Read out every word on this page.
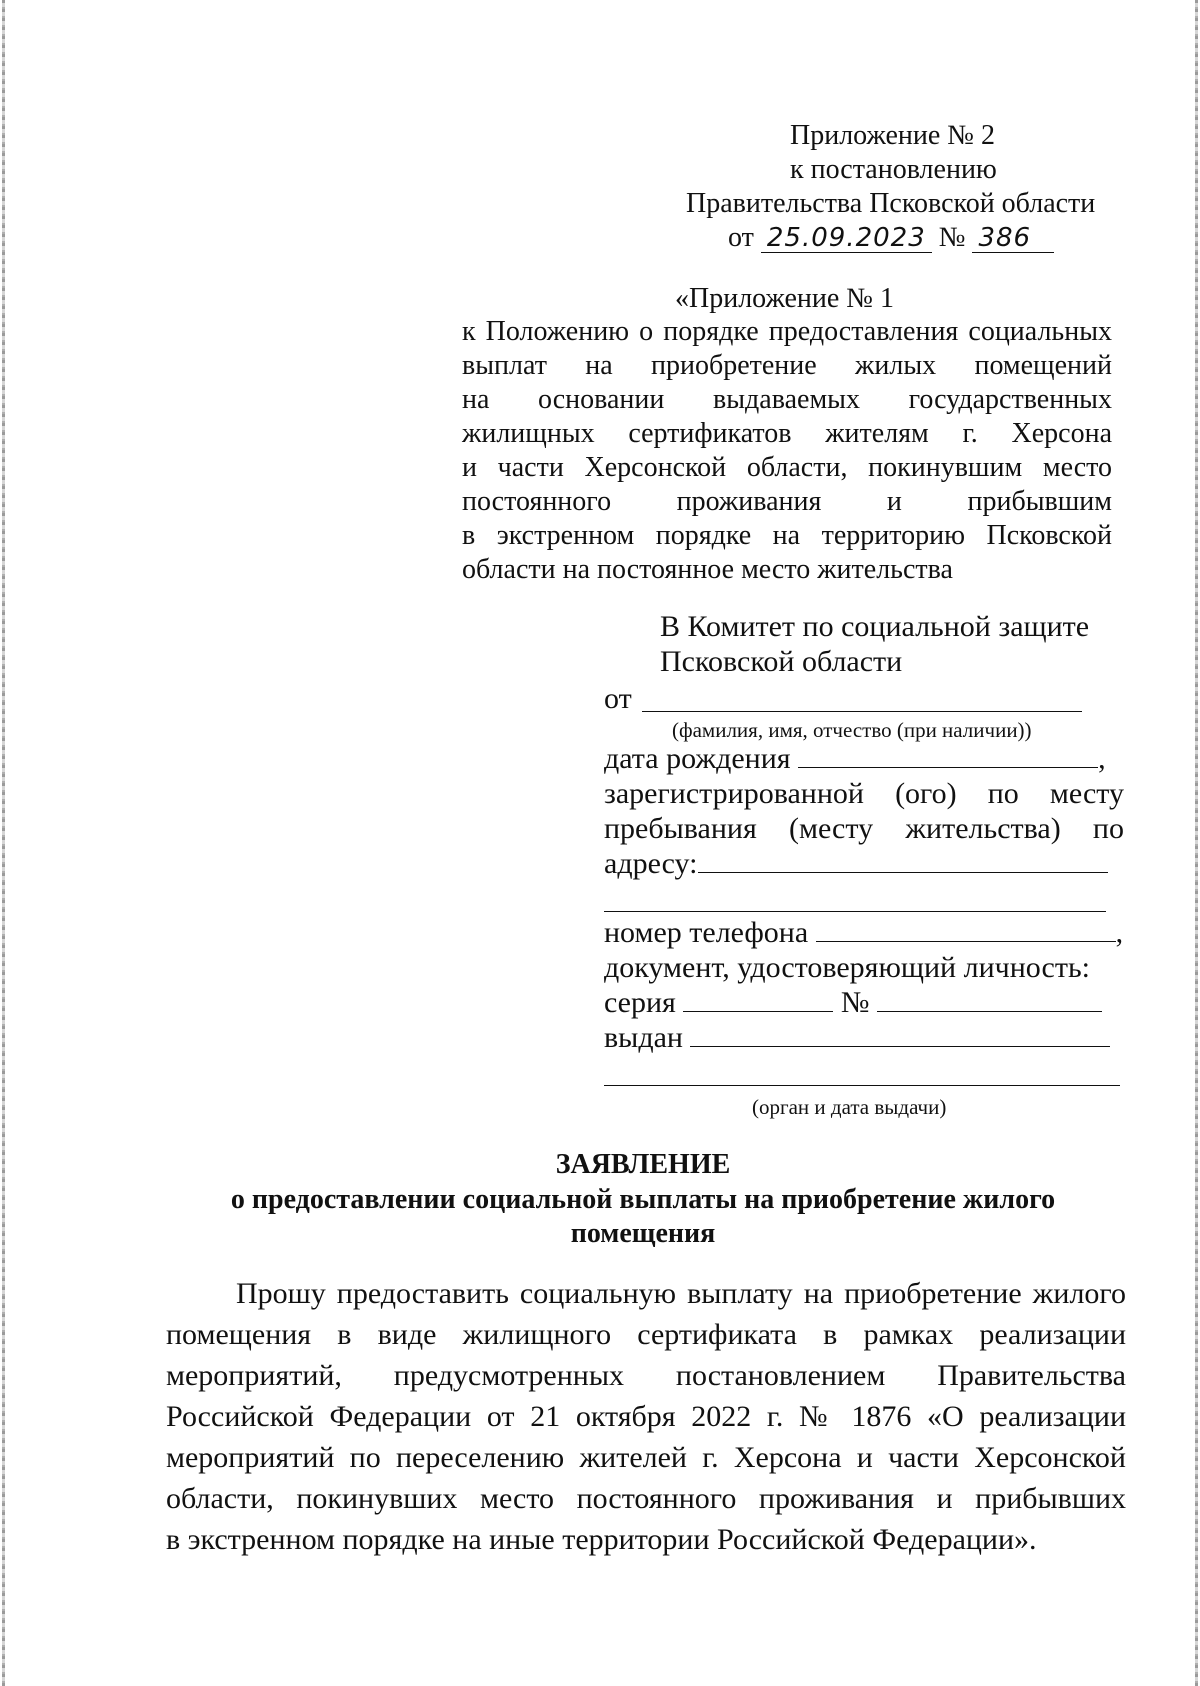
Приложение № 2
к постановлению
Правительства Псковской области
от 25.09.2023 № 386
«Приложение № 1
к Положению о порядке предоставления социальных
выплат на приобретение жилых помещений
на основании выдаваемых государственных
жилищных сертификатов жителям г. Херсона
и части Херсонской области, покинувшим место
постоянного проживания и прибывшим
в экстренном порядке на территорию Псковской
области на постоянное место жительства
В Комитет по социальной защите
Псковской области
от
(фамилия, имя, отчество (при наличии))
дата рождения	,
зарегистрированной (ого) по месту
пребывания (месту жительства) по
адресу:
номер телефона	,
документ, удостоверяющий личность:
серия	№
выдан
(орган и дата выдачи)
ЗАЯВЛЕНИЕ
о предоставлении социальной выплаты на приобретение жилого
помещения
Прошу предоставить социальную выплату на приобретение жилого
помещения в виде жилищного сертификата в рамках реализации
мероприятий, предусмотренных постановлением Правительства
Российской Федерации от 21 октября 2022 г. № 1876 «О реализации
мероприятий по переселению жителей г. Херсона и части Херсонской
области, покинувших место постоянного проживания и прибывших
в экстренном порядке на иные территории Российской Федерации».
